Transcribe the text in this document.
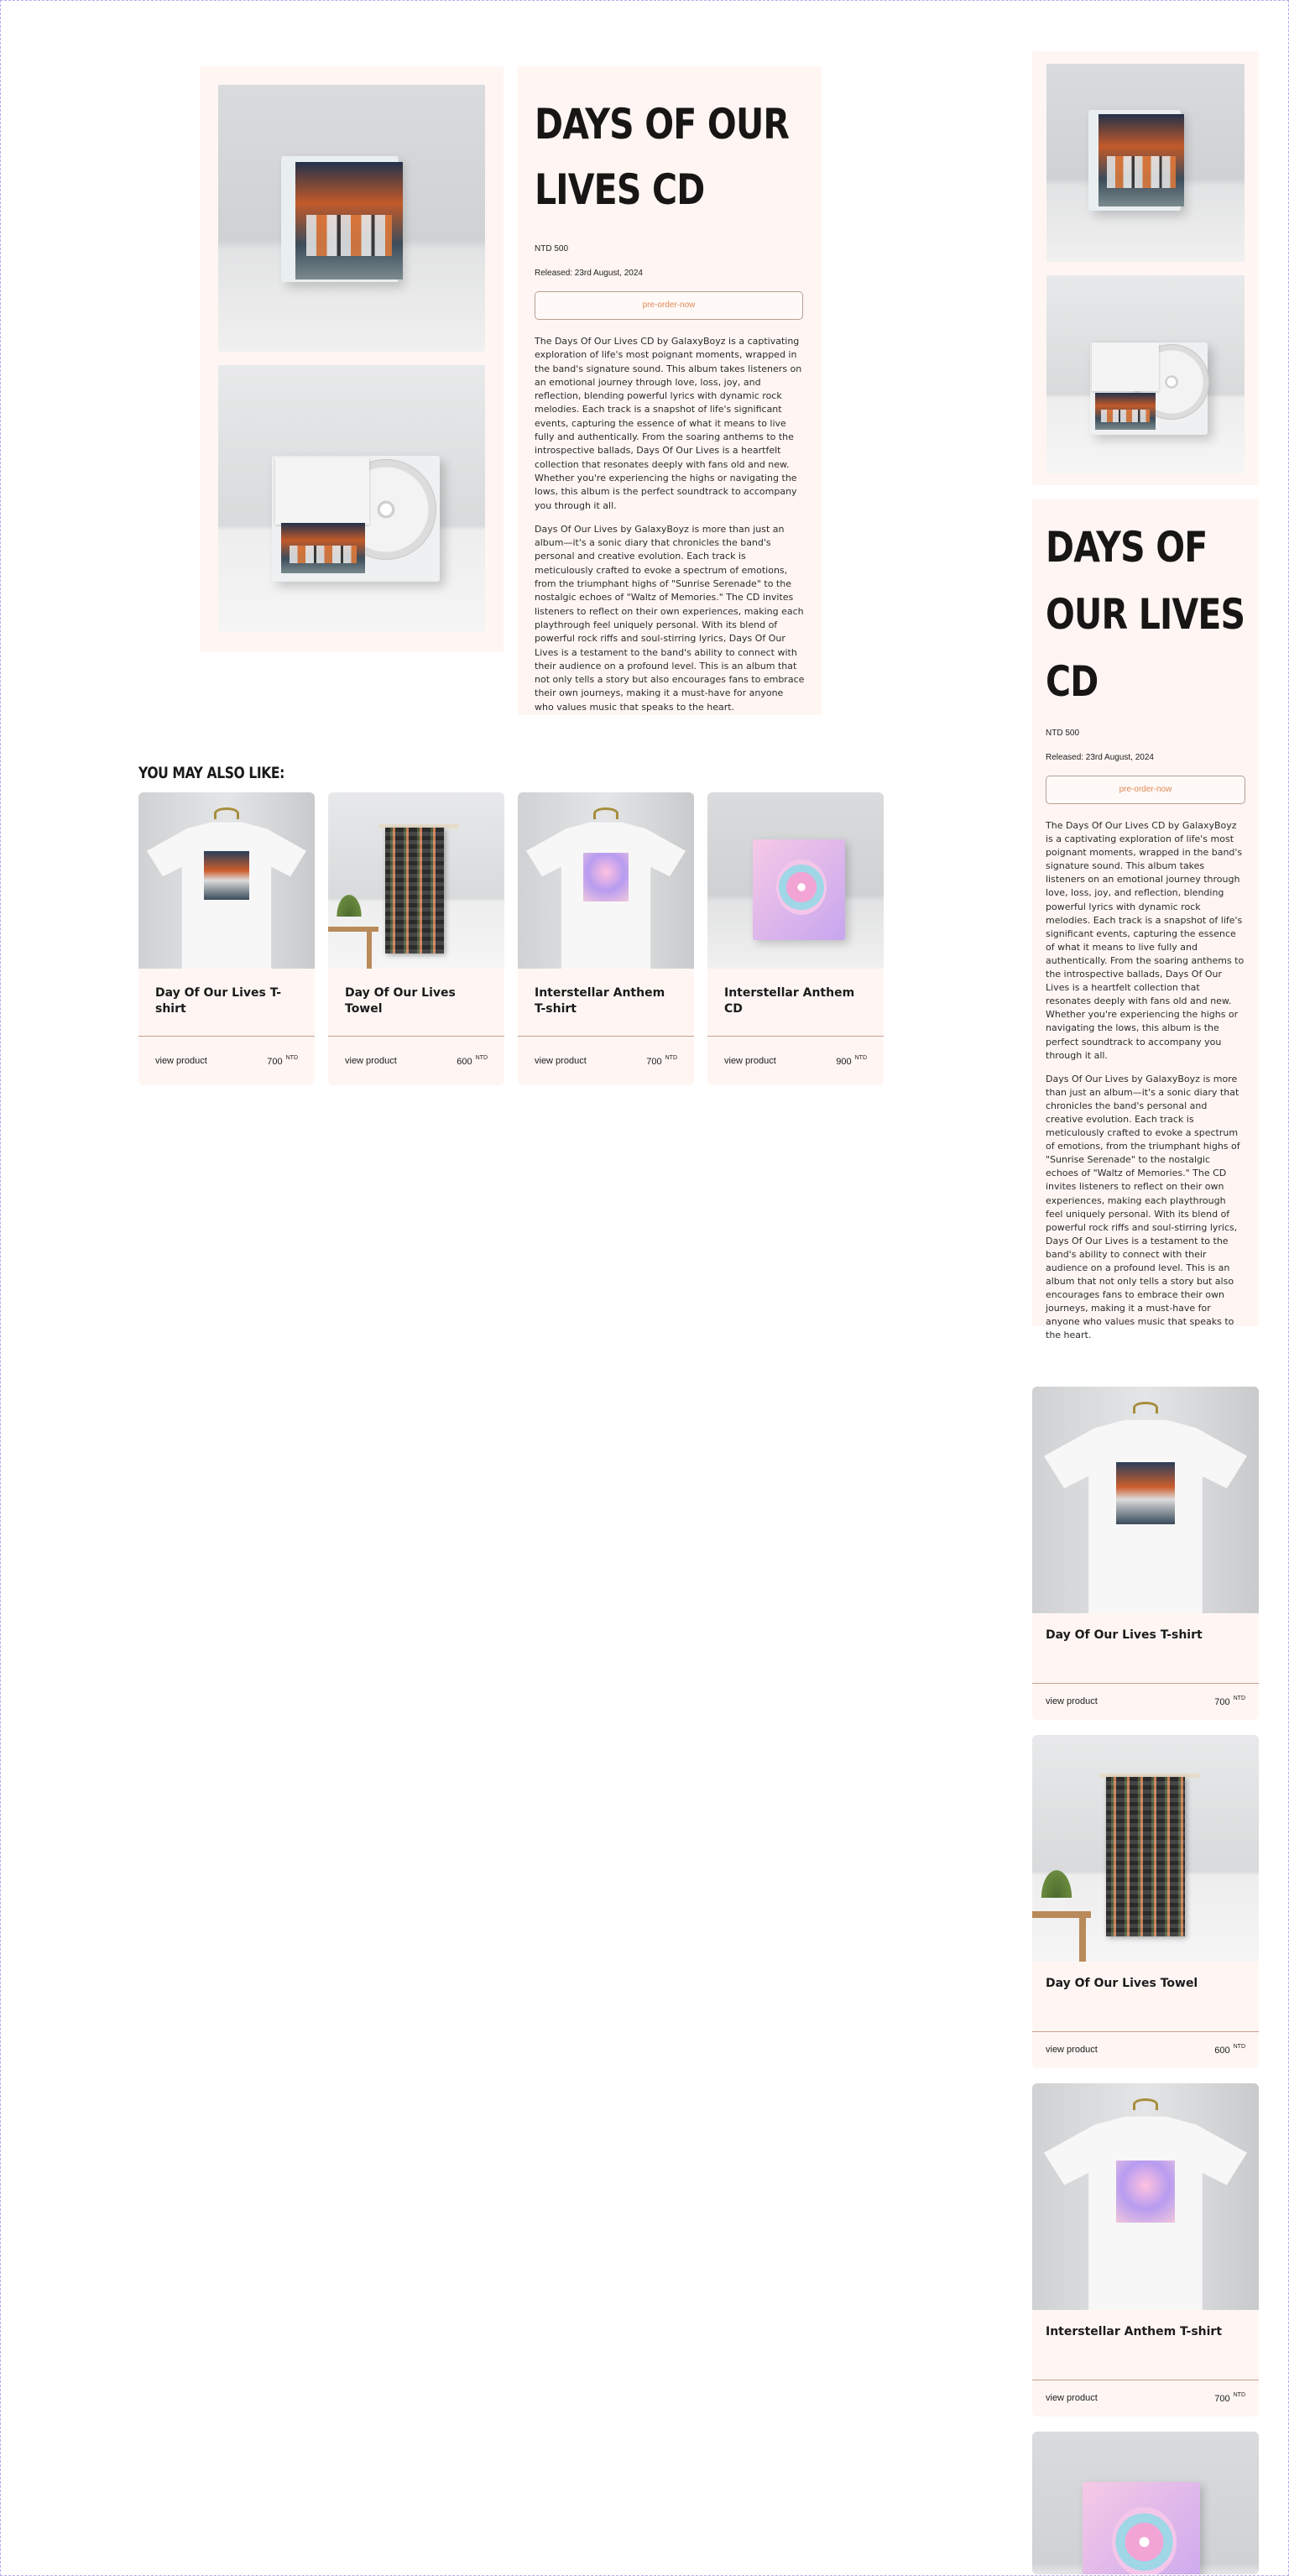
DAYS OF OUR LIVES CD
NTD 500
Released: 23rd August, 2024
pre-order-now

The Days Of Our Lives CD by GalaxyBoyz is a captivating exploration of life's most poignant moments, wrapped in the band's signature sound. This album takes listeners on an emotional journey through love, loss, joy, and reflection, blending powerful lyrics with dynamic rock melodies. Each track is a snapshot of life's significant events, capturing the essence of what it means to live fully and authentically. From the soaring anthems to the introspective ballads, Days Of Our Lives is a heartfelt collection that resonates deeply with fans old and new. Whether you're experiencing the highs or navigating the lows, this album is the perfect soundtrack to accompany you through it all.

Days Of Our Lives by GalaxyBoyz is more than just an album—it's a sonic diary that chronicles the band's personal and creative evolution. Each track is meticulously crafted to evoke a spectrum of emotions, from the triumphant highs of "Sunrise Serenade" to the nostalgic echoes of "Waltz of Memories." The CD invites listeners to reflect on their own experiences, making each playthrough feel uniquely personal. With its blend of powerful rock riffs and soul-stirring lyrics, Days Of Our Lives is a testament to the band's ability to connect with their audience on a profound level. This is an album that not only tells a story but also encourages fans to embrace their own journeys, making it a must-have for anyone who values music that speaks to the heart.

YOU MAY ALSO LIKE:
Day Of Our Lives T-shirt
view product	700 $^{NTD}$
Day Of Our Lives Towel
view product	600 $^{NTD}$
Interstellar Anthem T-shirt
view product	700 $^{NTD}$
Interstellar Anthem CD
view product	900 $^{NTD}$
DAYS OF OUR LIVES CD
NTD 500
Released: 23rd August, 2024
pre-order-now

The Days Of Our Lives CD by GalaxyBoyz is a captivating exploration of life's most poignant moments, wrapped in the band's signature sound. This album takes listeners on an emotional journey through love, loss, joy, and reflection, blending powerful lyrics with dynamic rock melodies. Each track is a snapshot of life's significant events, capturing the essence of what it means to live fully and authentically. From the soaring anthems to the introspective ballads, Days Of Our Lives is a heartfelt collection that resonates deeply with fans old and new. Whether you're experiencing the highs or navigating the lows, this album is the perfect soundtrack to accompany you through it all.

Days Of Our Lives by GalaxyBoyz is more than just an album—it's a sonic diary that chronicles the band's personal and creative evolution. Each track is meticulously crafted to evoke a spectrum of emotions, from the triumphant highs of "Sunrise Serenade" to the nostalgic echoes of "Waltz of Memories." The CD invites listeners to reflect on their own experiences, making each playthrough feel uniquely personal. With its blend of powerful rock riffs and soul-stirring lyrics, Days Of Our Lives is a testament to the band's ability to connect with their audience on a profound level. This is an album that not only tells a story but also encourages fans to embrace their own journeys, making it a must-have for anyone who values music that speaks to the heart.

Day Of Our Lives T-shirt
view product	700 $^{NTD}$
Day Of Our Lives Towel
view product	600 $^{NTD}$
Interstellar Anthem T-shirt
view product	700 $^{NTD}$
